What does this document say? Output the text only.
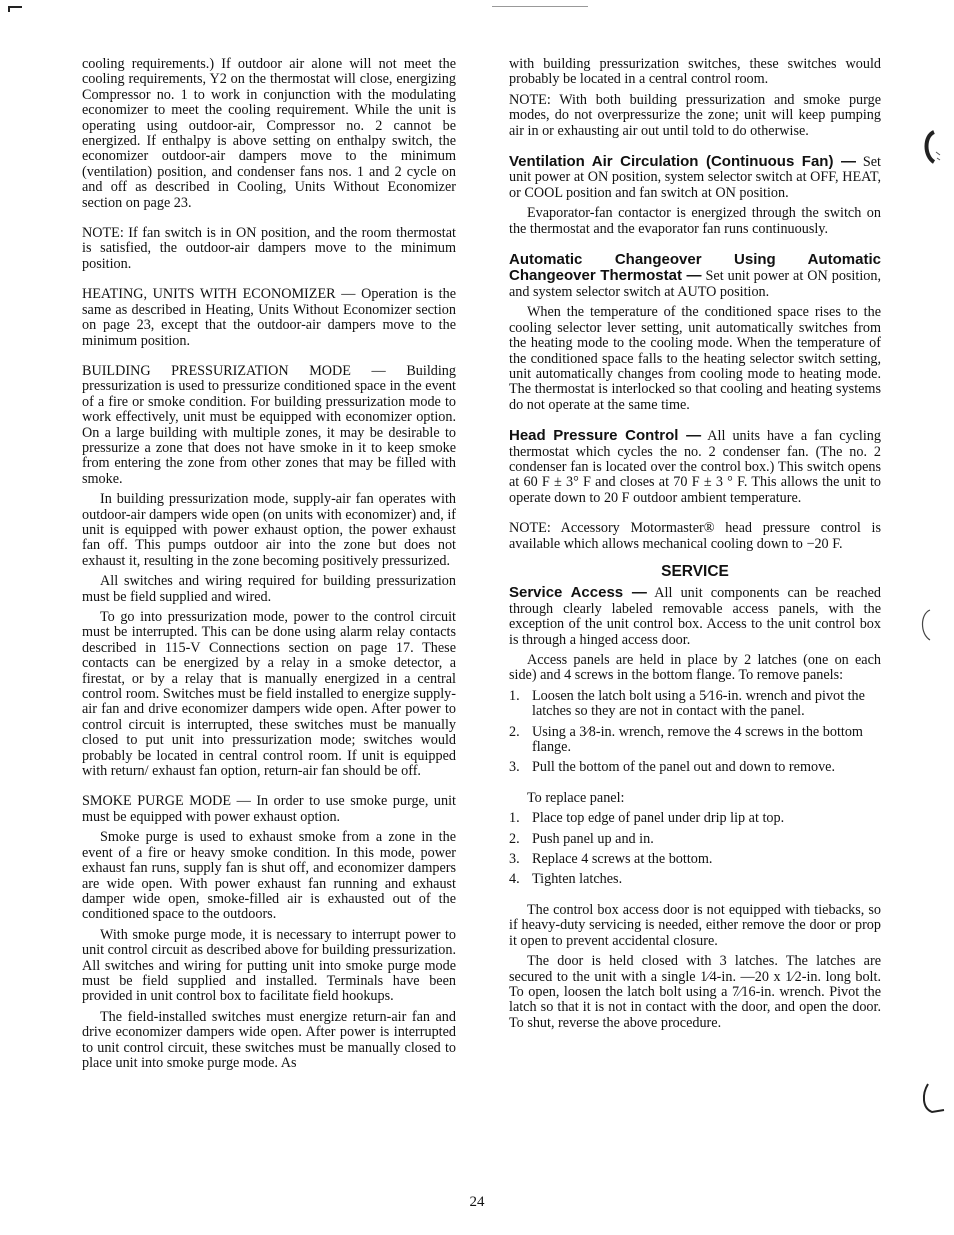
cooling requirements.) If outdoor air alone will not meet the cooling requirements, Y2 on the thermostat will close, energizing Compressor no. 1 to work in conjunction with the modulating economizer to meet the cooling requirement. While the unit is operating using outdoor-air, Compressor no. 2 cannot be energized. If enthalpy is above setting on enthalpy switch, the economizer outdoor-air dampers move to the minimum (ventilation) position, and condenser fans nos. 1 and 2 cycle on and off as described in Cooling, Units Without Economizer section on page 23.

NOTE: If fan switch is in ON position, and the room thermostat is satisfied, the outdoor-air dampers move to the minimum position.

HEATING, UNITS WITH ECONOMIZER — Operation is the same as described in Heating, Units Without Economizer section on page 23, except that the outdoor-air dampers move to the minimum position.

BUILDING PRESSURIZATION MODE — Building pressurization is used to pressurize conditioned space in the event of a fire or smoke condition. For building pressurization mode to work effectively, unit must be equipped with economizer option. On a large building with multiple zones, it may be desirable to pressurize a zone that does not have smoke in it to keep smoke from entering the zone from other zones that may be filled with smoke.

In building pressurization mode, supply-air fan operates with outdoor-air dampers wide open (on units with economizer) and, if unit is equipped with power exhaust option, the power exhaust fan off. This pumps outdoor air into the zone but does not exhaust it, resulting in the zone becoming positively pressurized.

All switches and wiring required for building pressurization must be field supplied and wired.

To go into pressurization mode, power to the control circuit must be interrupted. This can be done using alarm relay contacts described in 115-V Connections section on page 17. These contacts can be energized by a relay in a smoke detector, a firestat, or by a relay that is manually energized in a central control room. Switches must be field installed to energize supply-air fan and drive economizer dampers wide open. After power to control circuit is interrupted, these switches must be manually closed to put unit into pressurization mode; switches would probably be located in central control room. If unit is equipped with return/ exhaust fan option, return-air fan should be off.

SMOKE PURGE MODE — In order to use smoke purge, unit must be equipped with power exhaust option.

Smoke purge is used to exhaust smoke from a zone in the event of a fire or heavy smoke condition. In this mode, power exhaust fan runs, supply fan is shut off, and economizer dampers are wide open. With power exhaust fan running and exhaust damper wide open, smoke-filled air is exhausted out of the conditioned space to the outdoors.

With smoke purge mode, it is necessary to interrupt power to unit control circuit as described above for building pressurization. All switches and wiring for putting unit into smoke purge mode must be field supplied and installed. Terminals have been provided in unit control box to facilitate field hookups.

The field-installed switches must energize return-air fan and drive economizer dampers wide open. After power is interrupted to unit control circuit, these switches must be manually closed to place unit into smoke purge mode. As

with building pressurization switches, these switches would probably be located in a central control room.

NOTE: With both building pressurization and smoke purge modes, do not overpressurize the zone; unit will keep pumping air in or exhausting air out until told to do otherwise.

Ventilation Air Circulation (Continuous Fan) — Set unit power at ON position, system selector switch at OFF, HEAT, or COOL position and fan switch at ON position.

Evaporator-fan contactor is energized through the switch on the thermostat and the evaporator fan runs continuously.

Automatic Changeover Using Automatic Changeover Thermostat — Set unit power at ON position, and system selector switch at AUTO position.

When the temperature of the conditioned space rises to the cooling selector lever setting, unit automatically switches from the heating mode to the cooling mode. When the temperature of the conditioned space falls to the heating selector switch setting, unit automatically changes from cooling mode to heating mode. The thermostat is interlocked so that cooling and heating systems do not operate at the same time.

Head Pressure Control — All units have a fan cycling thermostat which cycles the no. 2 condenser fan. (The no. 2 condenser fan is located over the control box.) This switch opens at 60 F ± 3° F and closes at 70 F ± 3 ° F. This allows the unit to operate down to 20 F outdoor ambient temperature.

NOTE: Accessory Motormaster® head pressure control is available which allows mechanical cooling down to −20 F.

SERVICE

Service Access — All unit components can be reached through clearly labeled removable access panels, with the exception of the unit control box. Access to the unit control box is through a hinged access door.

Access panels are held in place by 2 latches (one on each side) and 4 screws in the bottom flange. To remove panels:

1. Loosen the latch bolt using a 5⁄16-in. wrench and pivot the latches so they are not in contact with the panel.
2. Using a 3⁄8-in. wrench, remove the 4 screws in the bottom flange.
3. Pull the bottom of the panel out and down to remove.

To replace panel:

1. Place top edge of panel under drip lip at top.
2. Push panel up and in.
3. Replace 4 screws at the bottom.
4. Tighten latches.

The control box access door is not equipped with tiebacks, so if heavy-duty servicing is needed, either remove the door or prop it open to prevent accidental closure.

The door is held closed with 3 latches. The latches are secured to the unit with a single 1⁄4-in. —20 x 1⁄2-in. long bolt. To open, loosen the latch bolt using a 7⁄16-in. wrench. Pivot the latch so that it is not in contact with the door, and open the door. To shut, reverse the above procedure.

24
